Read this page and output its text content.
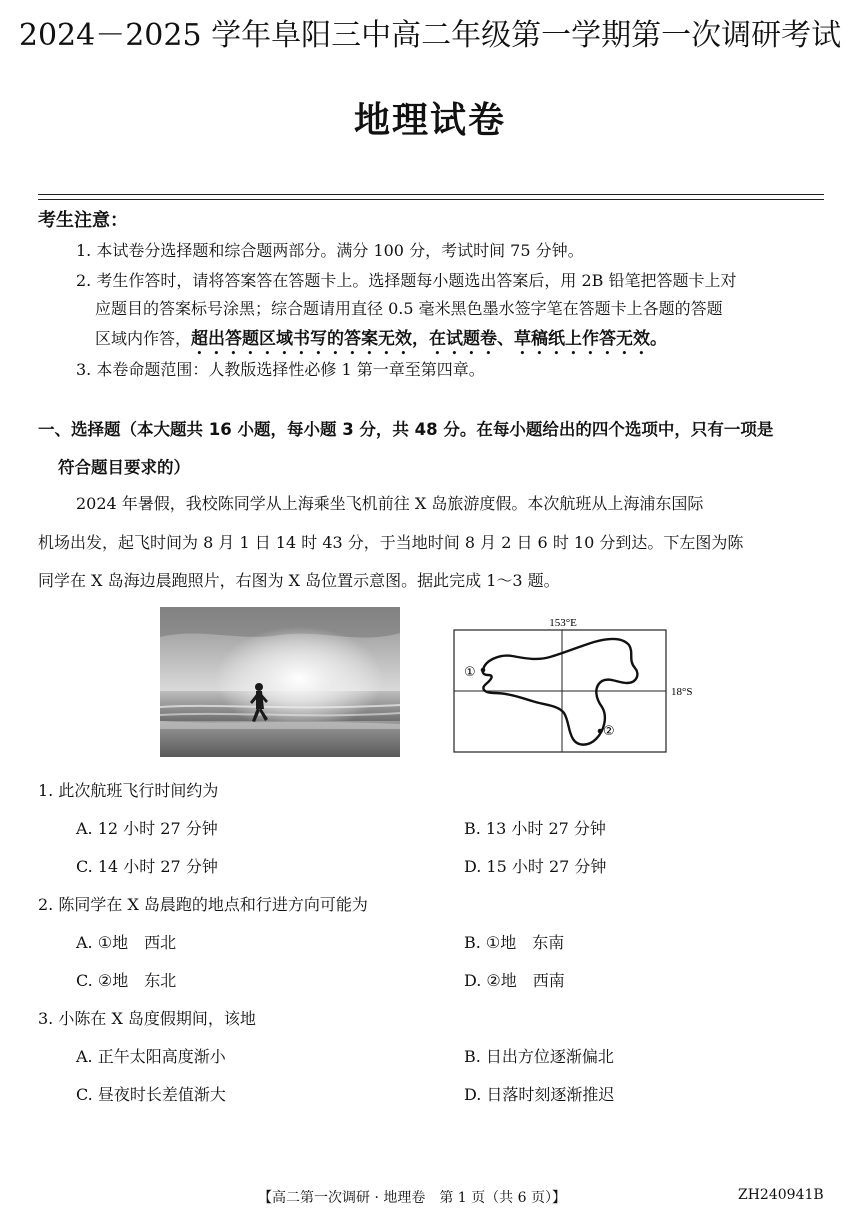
2024－2025 学年阜阳三中高二年级第一学期第一次调研考试
地理试卷
考生注意：
1. 本试卷分选择题和综合题两部分。满分 100 分，考试时间 75 分钟。
2. 考生作答时，请将答案答在答题卡上。选择题每小题选出答案后，用 2B 铅笔把答题卡上对
应题目的答案标号涂黑；综合题请用直径 0.5 毫米黑色墨水签字笔在答题卡上各题的答题
区域内作答，超出答题区域书写的答案无效，在试题卷、草稿纸上作答无效。
3. 本卷命题范围：人教版选择性必修 1 第一章至第四章。
一、选择题（本大题共 16 小题，每小题 3 分，共 48 分。在每小题给出的四个选项中，只有一项是
符合题目要求的）
2024 年暑假，我校陈同学从上海乘坐飞机前往 X 岛旅游度假。本次航班从上海浦东国际
机场出发，起飞时间为 8 月 1 日 14 时 43 分，于当地时间 8 月 2 日 6 时 10 分到达。下左图为陈
同学在 X 岛海边晨跑照片，右图为 X 岛位置示意图。据此完成 1～3 题。
153°E
18°S
①
②
1. 此次航班飞行时间约为
A. 12 小时 27 分钟	B. 13 小时 27 分钟
C. 14 小时 27 分钟	D. 15 小时 27 分钟
2. 陈同学在 X 岛晨跑的地点和行进方向可能为
A. ①地　西北	B. ①地　东南
C. ②地　东北	D. ②地　西南
3. 小陈在 X 岛度假期间，该地
A. 正午太阳高度渐小	B. 日出方位逐渐偏北
C. 昼夜时长差值渐大	D. 日落时刻逐渐推迟
【高二第一次调研 · 地理卷　第 1 页（共 6 页）】	ZH240941B
